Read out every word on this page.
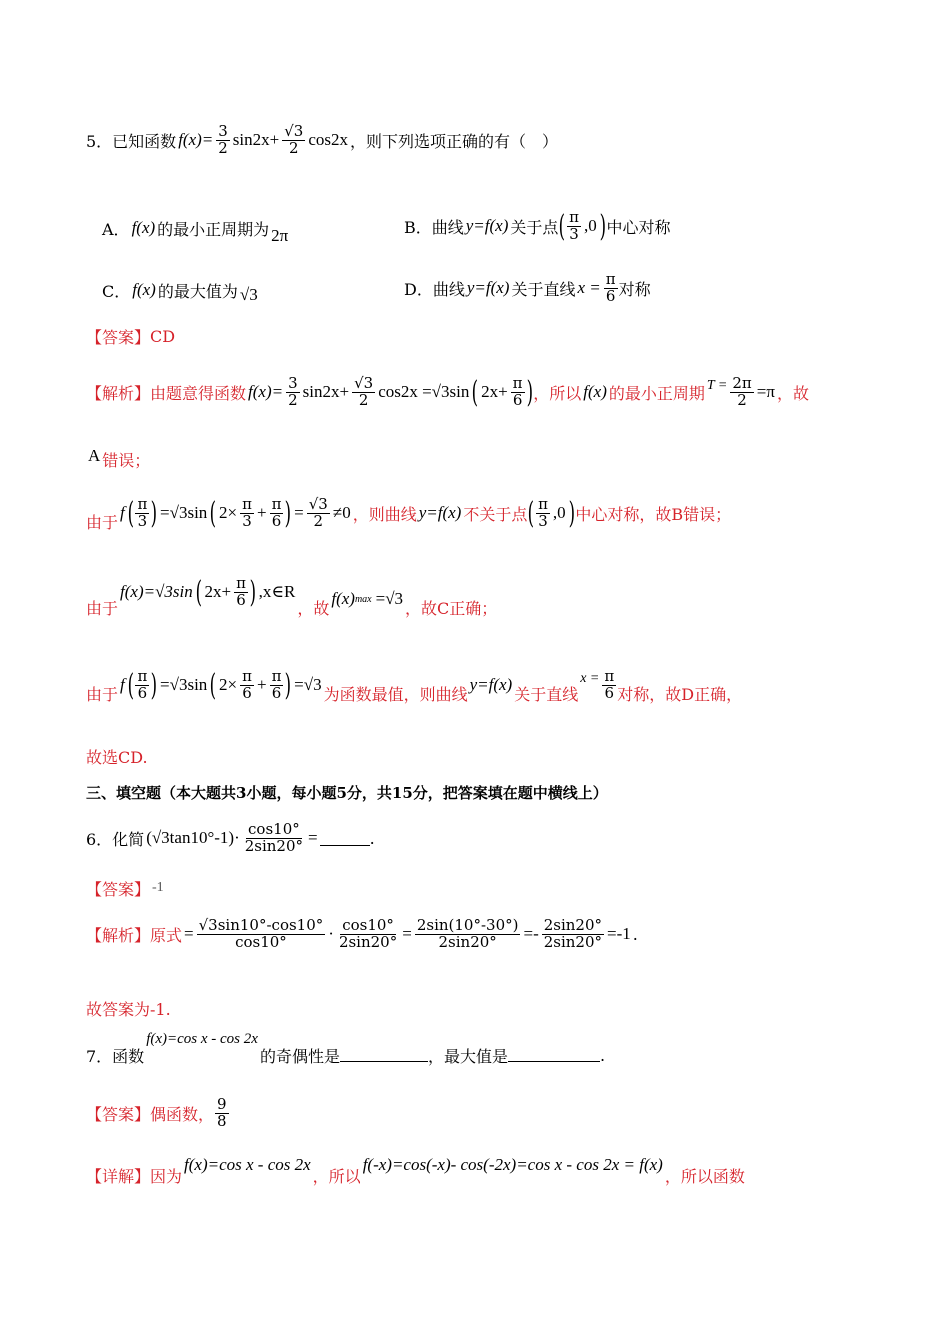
5．已知函数 $f(x)= \frac{3}{2} \sin 2x+ \frac{√3}{2} \cos 2x$ ，则下列选项正确的有（　）
A． f(x) 的最小正周期为 2π	B．曲线 y=f(x) 关于点 ( $\frac{\pi}{3} ,0$ ) 中心对称
C． f(x) 的最大值为 √3	D．曲线 y=f(x) 关于直线 $x = \frac{\pi}{6}$ 对称
【答案】 CD
【解析】 由题意得函数 $f(x)= \frac{3}{2} \sin 2x+ \frac{√3}{2} \cos 2x =√3\sin$ ( $2x+ \frac{\pi}{6}$ ) ，所以 f(x) 的最小正周期 $T = \frac{2\pi}{2} =\pi$ ，故
A 错误；
由于 f ( $\frac{\pi}{3}$ ) =√3sin ( $2\times \frac{\pi}{3} + \frac{\pi}{6}$ ) = $\frac{√3}{2} \ne 0$ ，则曲线 y=f(x) 不关于点 ( $\frac{\pi}{3} ,0$ ) 中心对称，故B错误；
由于
f(x)=√3sin ( $2x+ \frac{\pi}{6}$ ) ,x∈R
，故 f(x) max =√3 ，故C正确；
由于 f ( $\frac{\pi}{6}$ ) =√3sin ( $2\times \frac{\pi}{6} + \frac{\pi}{6}$ ) =√3 为函数最值，则曲线 y=f(x) 关于直线
$x = \frac{\pi}{6}$ 对称，故D正确，
故选CD.
三、填空题（本大题共3小题，每小题5分，共15分，把答案填在题中横线上）
6．化简 $(√3\tan 10^\circ-1)\cdot \frac{\cos 10^\circ}{2\sin 20^\circ}$ =	.
【答案】 -1
【解析】 原式 = $\frac{√3\sin 10^\circ-\cos 10^\circ}{\cos 10^\circ} \cdot \frac{\cos 10^\circ}{2\sin 20^\circ} = \frac{2\sin(10^\circ-30^\circ)}{2\sin 20^\circ} =- \frac{2\sin 20^\circ}{2\sin 20^\circ} =-1$ .
故答案为-1.
7．函数
f(x)=cos x - cos 2x
的奇偶性是	，最大值是	.
【答案】 偶函数， $\frac{9}{8}$
【详解】 因为
f(x)=cos x - cos 2x
，所以
f(-x)=cos(-x)- cos(-2x)=cos x - cos 2x = f(x)
，所以函数
